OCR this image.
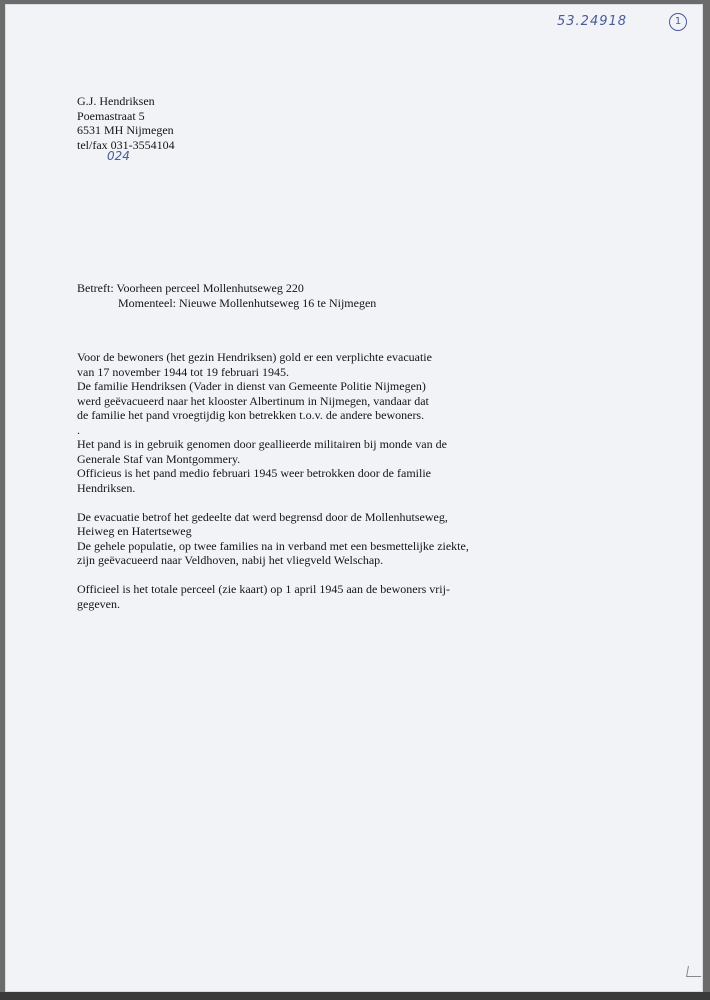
53.24918	1
G.J. Hendriksen
Poemastraat 5
6531 MH Nijmegen
tel/fax 031-3554104
024
Betreft: Voorheen perceel Mollenhutseweg 220
Momenteel: Nieuwe Mollenhutseweg 16 te Nijmegen
Voor de bewoners (het gezin Hendriksen) gold er een verplichte evacuatie
van 17 november 1944 tot 19 februari 1945.
De familie Hendriksen (Vader in dienst van Gemeente Politie Nijmegen)
werd geëvacueerd naar het klooster Albertinum in Nijmegen, vandaar dat
de familie het pand vroegtijdig kon betrekken t.o.v. de andere bewoners.
.
Het pand is in gebruik genomen door geallieerde militairen bij monde van de
Generale Staf van Montgommery.
Officieus is het pand medio februari 1945 weer betrokken door de familie
Hendriksen.
De evacuatie betrof het gedeelte dat werd begrensd door de Mollenhutseweg,
Heiweg en Hatertseweg
De gehele populatie, op twee families na in verband met een besmettelijke ziekte,
zijn geëvacueerd naar Veldhoven, nabij het vliegveld Welschap.
Officieel is het totale perceel (zie kaart) op 1 april 1945 aan de bewoners vrij-
gegeven.
